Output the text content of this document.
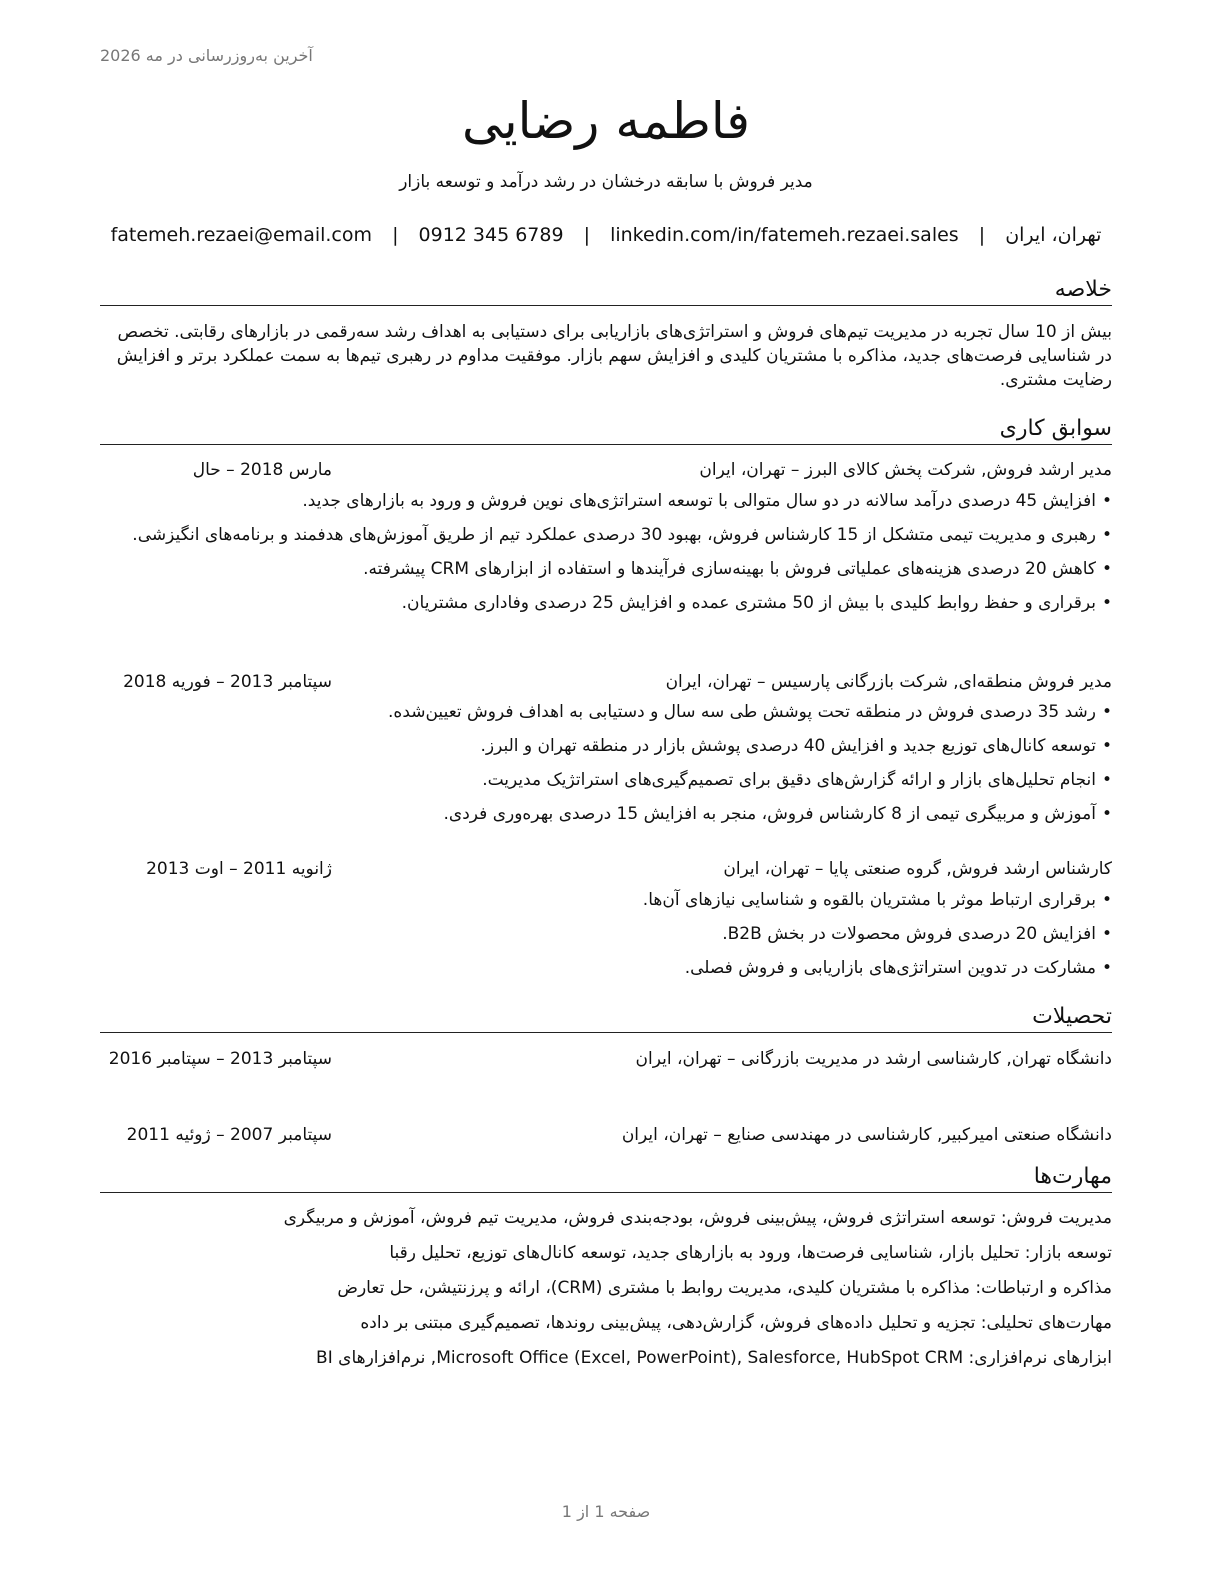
آخرین به‌روزرسانی در مه 2026
فاطمه رضایی
مدیر فروش با سابقه درخشان در رشد درآمد و توسعه بازار
تهران، ایران | fatemeh.rezaei@email.com | 0912 345 6789 | linkedin.com/in/fatemeh.rezaei.sales
خلاصه
بیش از 10 سال تجربه در مدیریت تیم‌های فروش و استراتژی‌های بازاریابی برای دستیابی به اهداف رشد سه‌رقمی در بازارهای رقابتی. تخصص در شناسایی فرصت‌های جدید، مذاکره با مشتریان کلیدی و افزایش سهم بازار. موفقیت مداوم در رهبری تیم‌ها به سمت عملکرد برتر و افزایش رضایت مشتری.
سوابق کاری
مدیر ارشد فروش, شرکت پخش کالای البرز – تهران، ایران
مارس 2018 – حال
• افزایش 45 درصدی درآمد سالانه در دو سال متوالی با توسعه استراتژی‌های نوین فروش و ورود به بازارهای جدید.
• رهبری و مدیریت تیمی متشکل از 15 کارشناس فروش، بهبود 30 درصدی عملکرد تیم از طریق آموزش‌های هدفمند و برنامه‌های انگیزشی.
• کاهش 20 درصدی هزینه‌های عملیاتی فروش با بهینه‌سازی فرآیندها و استفاده از ابزارهای CRM پیشرفته.
• برقراری و حفظ روابط کلیدی با بیش از 50 مشتری عمده و افزایش 25 درصدی وفاداری مشتریان.
مدیر فروش منطقه‌ای, شرکت بازرگانی پارسیس – تهران، ایران
سپتامبر 2013 – فوریه 2018
• رشد 35 درصدی فروش در منطقه تحت پوشش طی سه سال و دستیابی به اهداف فروش تعیین‌شده.
• توسعه کانال‌های توزیع جدید و افزایش 40 درصدی پوشش بازار در منطقه تهران و البرز.
• انجام تحلیل‌های بازار و ارائه گزارش‌های دقیق برای تصمیم‌گیری‌های استراتژیک مدیریت.
• آموزش و مربیگری تیمی از 8 کارشناس فروش، منجر به افزایش 15 درصدی بهره‌وری فردی.
کارشناس ارشد فروش, گروه صنعتی پایا – تهران، ایران
ژانویه 2011 – اوت 2013
• برقراری ارتباط موثر با مشتریان بالقوه و شناسایی نیازهای آن‌ها.
• افزایش 20 درصدی فروش محصولات در بخش B2B.
• مشارکت در تدوین استراتژی‌های بازاریابی و فروش فصلی.
تحصیلات
دانشگاه تهران, کارشناسی ارشد در مدیریت بازرگانی – تهران، ایران
سپتامبر 2013 – سپتامبر 2016
دانشگاه صنعتی امیرکبیر, کارشناسی در مهندسی صنایع – تهران، ایران
سپتامبر 2007 – ژوئیه 2011
مهارت‌ها
مدیریت فروش: توسعه استراتژی فروش، پیش‌بینی فروش، بودجه‌بندی فروش، مدیریت تیم فروش، آموزش و مربیگری
توسعه بازار: تحلیل بازار، شناسایی فرصت‌ها، ورود به بازارهای جدید، توسعه کانال‌های توزیع، تحلیل رقبا
مذاکره و ارتباطات: مذاکره با مشتریان کلیدی، مدیریت روابط با مشتری (CRM)، ارائه و پرزنتیشن، حل تعارض
مهارت‌های تحلیلی: تجزیه و تحلیل داده‌های فروش، گزارش‌دهی، پیش‌بینی روندها، تصمیم‌گیری مبتنی بر داده
ابزارهای نرم‌افزاری: Microsoft Office (Excel, PowerPoint), Salesforce, HubSpot CRM, نرم‌افزارهای BI
صفحه 1 از 1
